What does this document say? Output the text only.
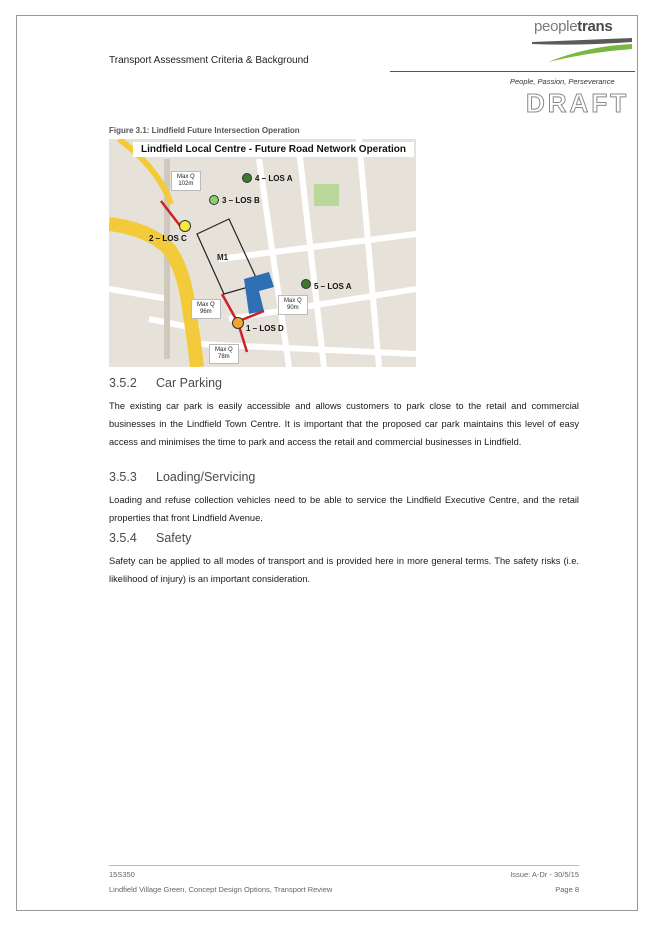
Transport Assessment Criteria & Background
peopletrans
People, Passion, Perseverance
DRAFT
Figure 3.1: Lindfield Future Intersection Operation
Lindfield Local Centre - Future Road Network Operation
Max Q
102m
Max Q
96m
Max Q
90m
Max Q
78m
4 – LOS A
3 – LOS B
2 – LOS C
5 – LOS A
1 – LOS D
M1
3.5.2 Car Parking
The existing car park is easily accessible and allows customers to park close to the retail and commercial businesses in the Lindfield Town Centre. It is important that the proposed car park maintains this level of easy access and minimises the time to park and access the retail and commercial businesses in Lindfield.
3.5.3 Loading/Servicing
Loading and refuse collection vehicles need to be able to service the Lindfield Executive Centre, and the retail properties that front Lindfield Avenue.
3.5.4 Safety
Safety can be applied to all modes of transport and is provided here in more general terms. The safety risks (i.e. likelihood of injury) is an important consideration.
15S350	Issue: A-Dr - 30/5/15
Lindfield Village Green, Concept Design Options, Transport Review	Page 8
